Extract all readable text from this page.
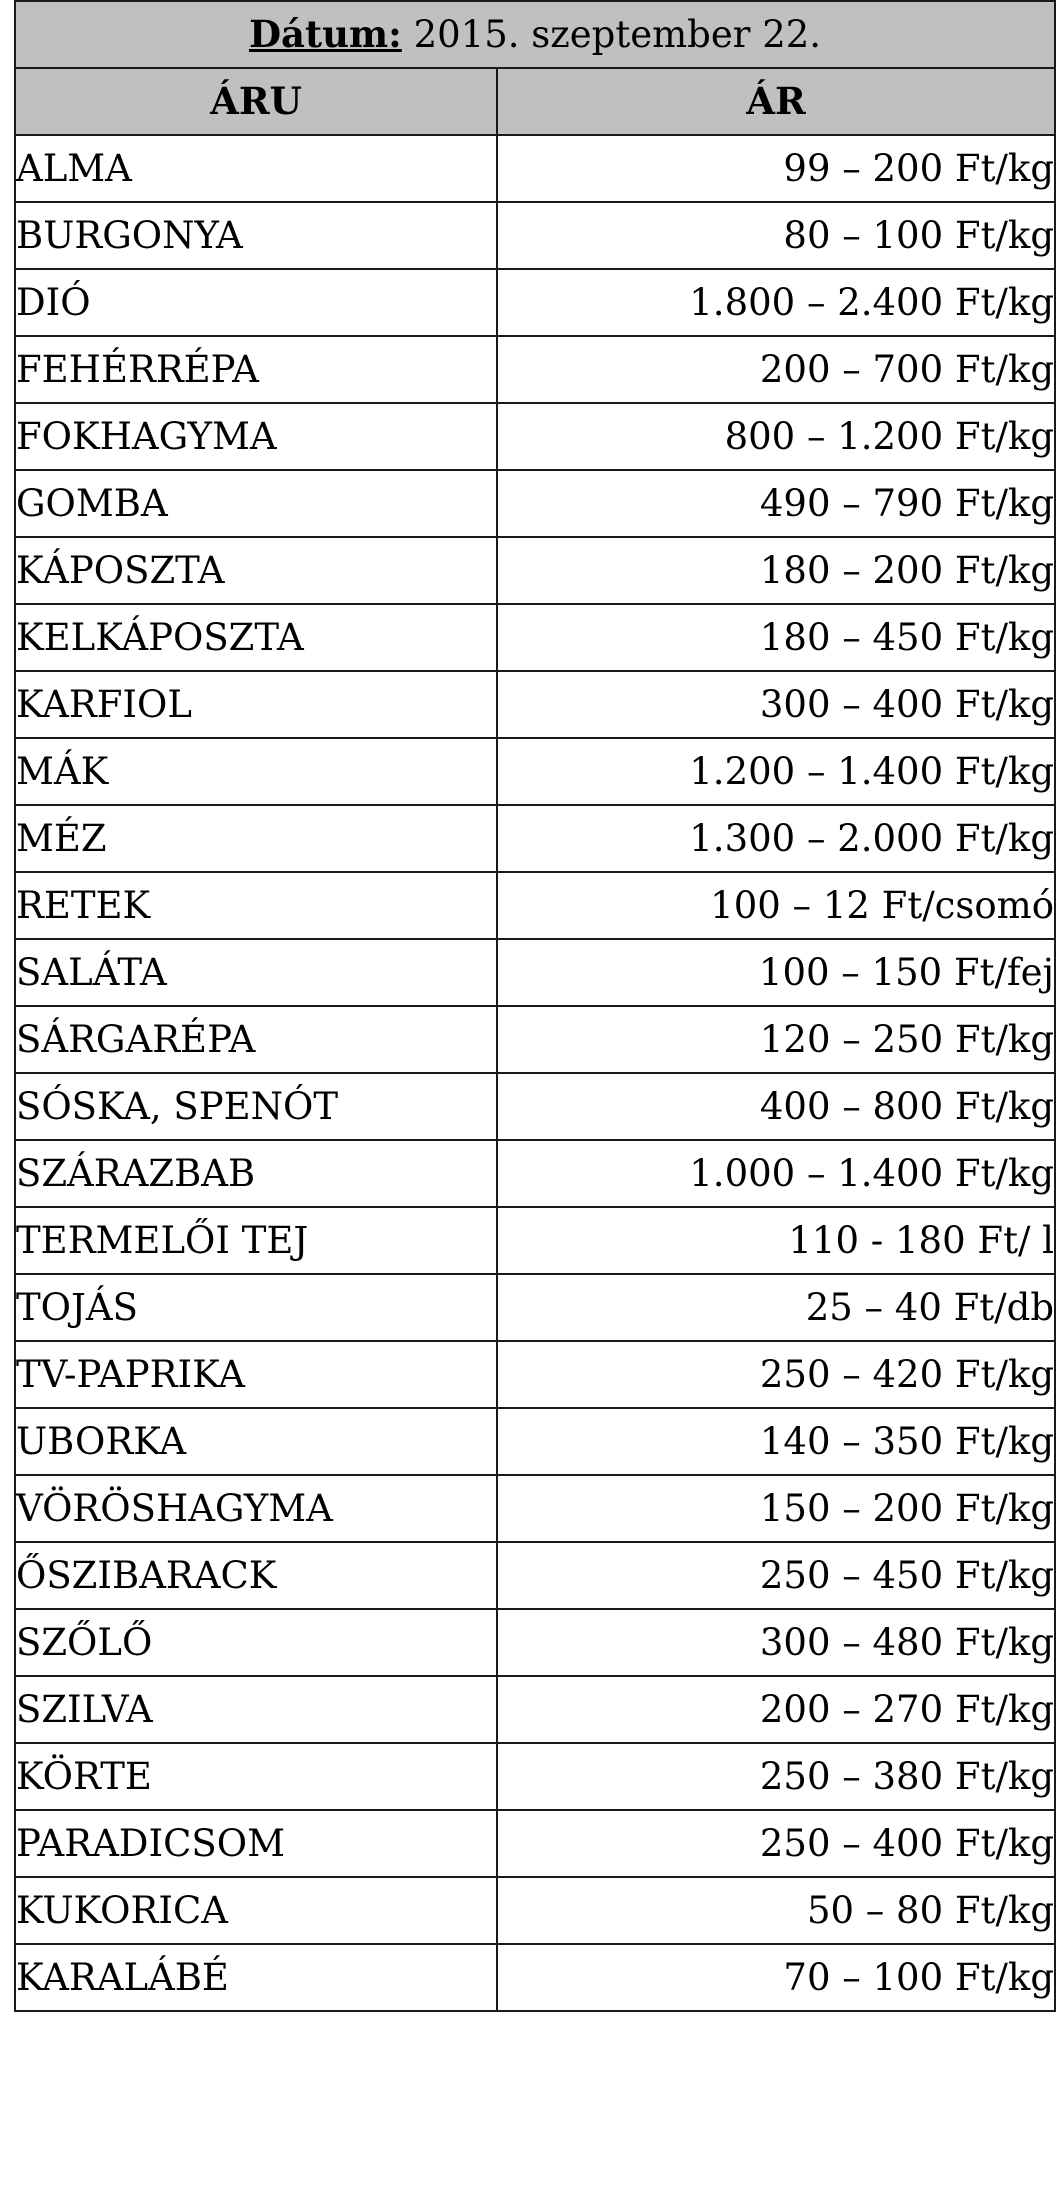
Dátum: 2015. szeptember 22.	
ÁRU	ÁR
ALMA	99 – 200 Ft/kg
BURGONYA	80 – 100 Ft/kg
DIÓ	1.800 – 2.400 Ft/kg
FEHÉRRÉPA	200 – 700 Ft/kg
FOKHAGYMA	800 – 1.200 Ft/kg
GOMBA	490 – 790 Ft/kg
KÁPOSZTA	180 – 200 Ft/kg
KELKÁPOSZTA	180 – 450 Ft/kg
KARFIOL	300 – 400 Ft/kg
MÁK	1.200 – 1.400 Ft/kg
MÉZ	1.300 – 2.000 Ft/kg
RETEK	100 – 12 Ft/csomó
SALÁTA	100 – 150 Ft/fej
SÁRGARÉPA	120 – 250 Ft/kg
SÓSKA, SPENÓT	400 – 800 Ft/kg
SZÁRAZBAB	1.000 – 1.400 Ft/kg
TERMELŐI TEJ	110 - 180 Ft/ l
TOJÁS	25 – 40 Ft/db
TV-PAPRIKA	250 – 420 Ft/kg
UBORKA	140 – 350 Ft/kg
VÖRÖSHAGYMA	150 – 200 Ft/kg
ŐSZIBARACK	250 – 450 Ft/kg
SZŐLŐ	300 – 480 Ft/kg
SZILVA	200 – 270 Ft/kg
KÖRTE	250 – 380 Ft/kg
PARADICSOM	250 – 400 Ft/kg
KUKORICA	50 – 80 Ft/kg
KARALÁBÉ	70 – 100 Ft/kg
